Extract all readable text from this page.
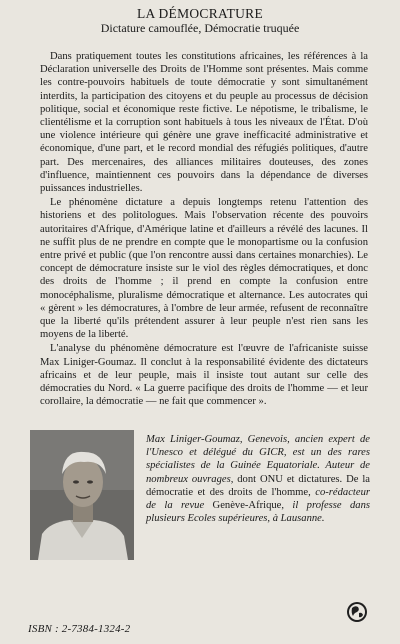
LA DÉMOCRATURE
Dictature camouflée, Démocratie truquée

Dans pratiquement toutes les constitutions africaines, les références à la Déclaration universelle des Droits de l'Homme sont présentes. Mais comme les contre-pouvoirs habituels de toute démocratie y sont simultanément interdits, la participation des citoyens et du peuple au processus de décision politique, social et économique reste fictive. Le népotisme, le tribalisme, le clientélisme et la corruption sont habituels à tous les niveaux de l'État. D'où une violence intérieure qui génère une grave inefficacité administrative et économique, d'une part, et le record mondial des réfugiés politiques, d'autre part. Des mercenaires, des alliances militaires douteuses, des zones d'influence, maintiennent ces pouvoirs dans la dépendance de diverses puissances industrielles.

Le phénomène dictature a depuis longtemps retenu l'attention des historiens et des politologues. Mais l'observation récente des pouvoirs autoritaires d'Afrique, d'Amérique latine et d'ailleurs a révélé des lacunes. Il ne suffit plus de ne prendre en compte que le monopartisme ou la confusion entre privé et public (que l'on rencontre aussi dans certaines monarchies). Le concept de démocrature insiste sur le viol des règles démocratiques, et donc des droits de l'homme ; il prend en compte la confusion entre monocéphalisme, pluralisme démocratique et alternance. Les autocrates qui « gèrent » les démocratures, à l'ombre de leur armée, refusent de reconnaître que la liberté qu'ils prétendent assurer à leur peuple n'est rien sans les moyens de la liberté.

L'analyse du phénomène démocrature est l'œuvre de l'africaniste suisse Max Liniger-Goumaz. Il conclut à la responsabilité évidente des dictateurs africains et de leur peuple, mais il insiste tout autant sur celle des démocraties du Nord. « La guerre pacifique des droits de l'homme — et leur corollaire, la démocratie — ne fait que commencer ».

Max Liniger-Goumaz, Genevois, ancien expert de l'Unesco et délégué du GICR, est un des rares spécialistes de la Guinée Equatoriale. Auteur de nombreux ouvrages, dont ONU et dictatures. De la démocratie et des droits de l'homme, co-rédacteur de la revue Genève-Afrique, il professe dans plusieurs Ecoles supérieures, à Lausanne.
ISBN : 2-7384-1324-2
